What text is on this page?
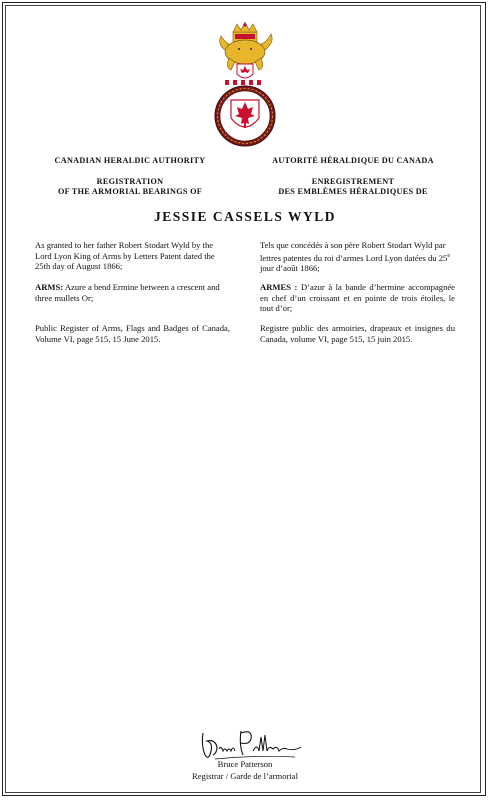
CANADIAN HERALDIC AUTHORITY	AUTORITÉ HÉRALDIQUE DU CANADA
REGISTRATION
OF THE ARMORIAL BEARINGS OF
ENREGISTREMENT
DES EMBLÈMES HÉRALDIQUES DE
JESSIE CASSELS WYLD

As granted to her father Robert Stodart Wyld by the Lord Lyon King of Arms by Letters Patent dated the 25th day of August 1866;

ARMS: Azure a bend Ermine between a crescent and three mullets Or;

Public Register of Arms, Flags and Badges of Canada, Volume VI, page 515, 15 June 2015.

Tels que concédés à son père Robert Stodart Wyld par lettres patentes du roi d’armes Lord Lyon datées du 25e jour d’août 1866;

ARMES : D’azur à la bande d’hermine accompagnée en chef d’un croissant et en pointe de trois étoiles, le tout d’or;

Registre public des armoiries, drapeaux et insignes du Canada, volume VI, page 515, 15 juin 2015.

Bruce Patterson
Registrar / Garde de l’armorial
